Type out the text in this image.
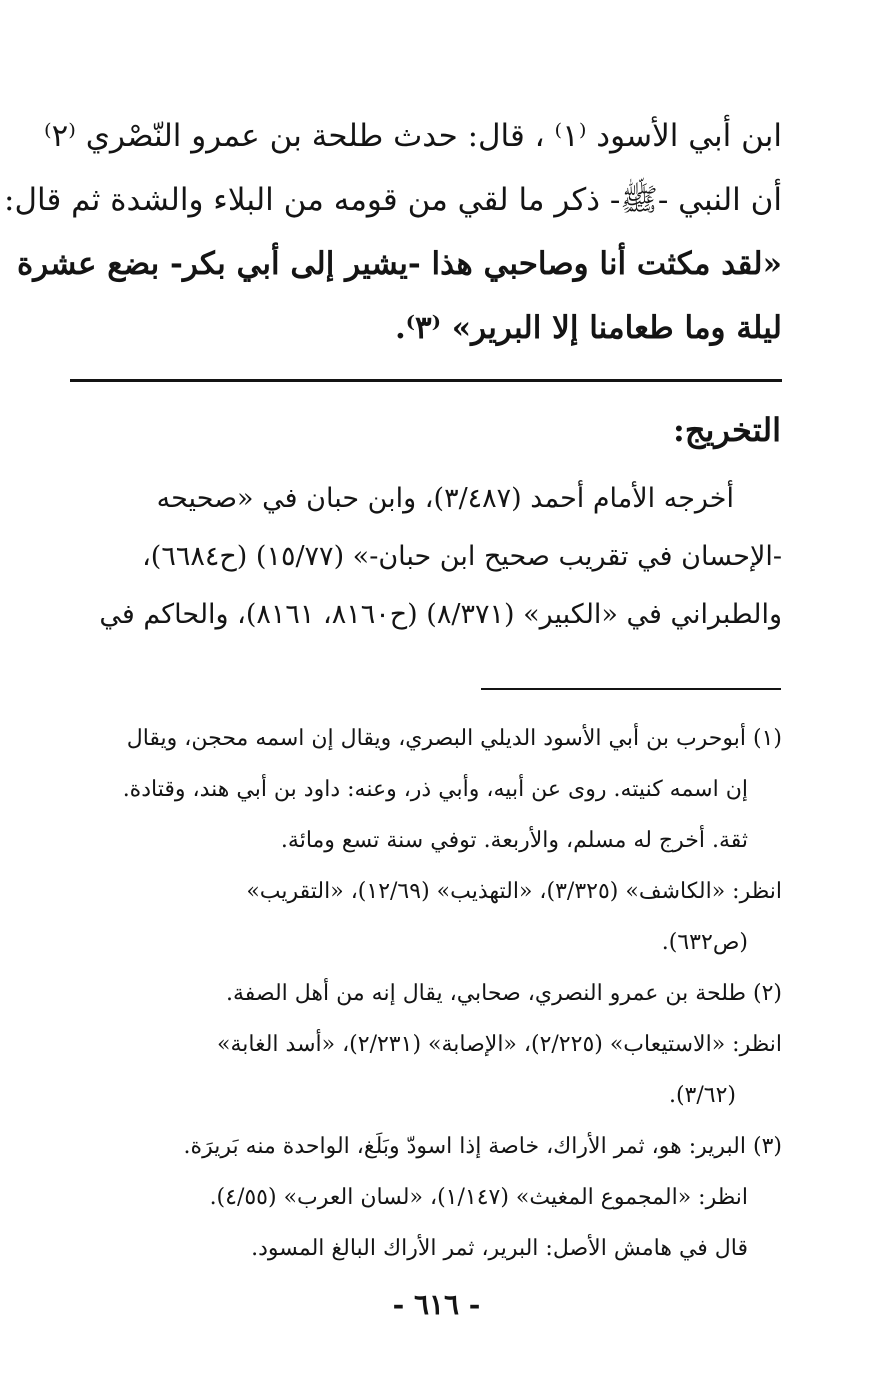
ابن أبي الأسود ⁽١⁾ ، قال: حدث طلحة بن عمرو النّصْري ⁽٢⁾
أن النبي -ﷺ- ذكر ما لقي من قومه من البلاء والشدة ثم قال:
«لقد مكثت أنا وصاحبي هذا -يشير إلى أبي بكر- بضع عشرة
ليلة وما طعامنا إلا البرير» ⁽٣⁾.
التخريج:
أخرجه الأمام أحمد (٣/٤٨٧)، وابن حبان في «صحيحه
-الإحسان في تقريب صحيح ابن حبان-» (١٥/٧٧) (ح٦٦٨٤)،
والطبراني في «الكبير» (٨/٣٧١) (ح٨١٦٠، ٨١٦١)، والحاكم في
(١) أبوحرب بن أبي الأسود الديلي البصري، ويقال إن اسمه محجن، ويقال
إن اسمه كنيته. روى عن أبيه، وأبي ذر، وعنه: داود بن أبي هند، وقتادة.
ثقة. أخرج له مسلم، والأربعة. توفي سنة تسع ومائة.
انظر: «الكاشف» (٣/٣٢٥)، «التهذيب» (١٢/٦٩)، «التقريب»
(ص٦٣٢).
(٢) طلحة بن عمرو النصري، صحابي، يقال إنه من أهل الصفة.
انظر: «الاستيعاب» (٢/٢٢٥)، «الإصابة» (٢/٢٣١)، «أسد الغابة»
(٣/٦٢).
(٣) البرير: هو، ثمر الأراك، خاصة إذا اسودّ وبَلَغ، الواحدة منه بَريرَة.
انظر: «المجموع المغيث» (١/١٤٧)، «لسان العرب» (٤/٥٥).
قال في هامش الأصل: البرير، ثمر الأراك البالغ المسود.
- ٦١٦ -
